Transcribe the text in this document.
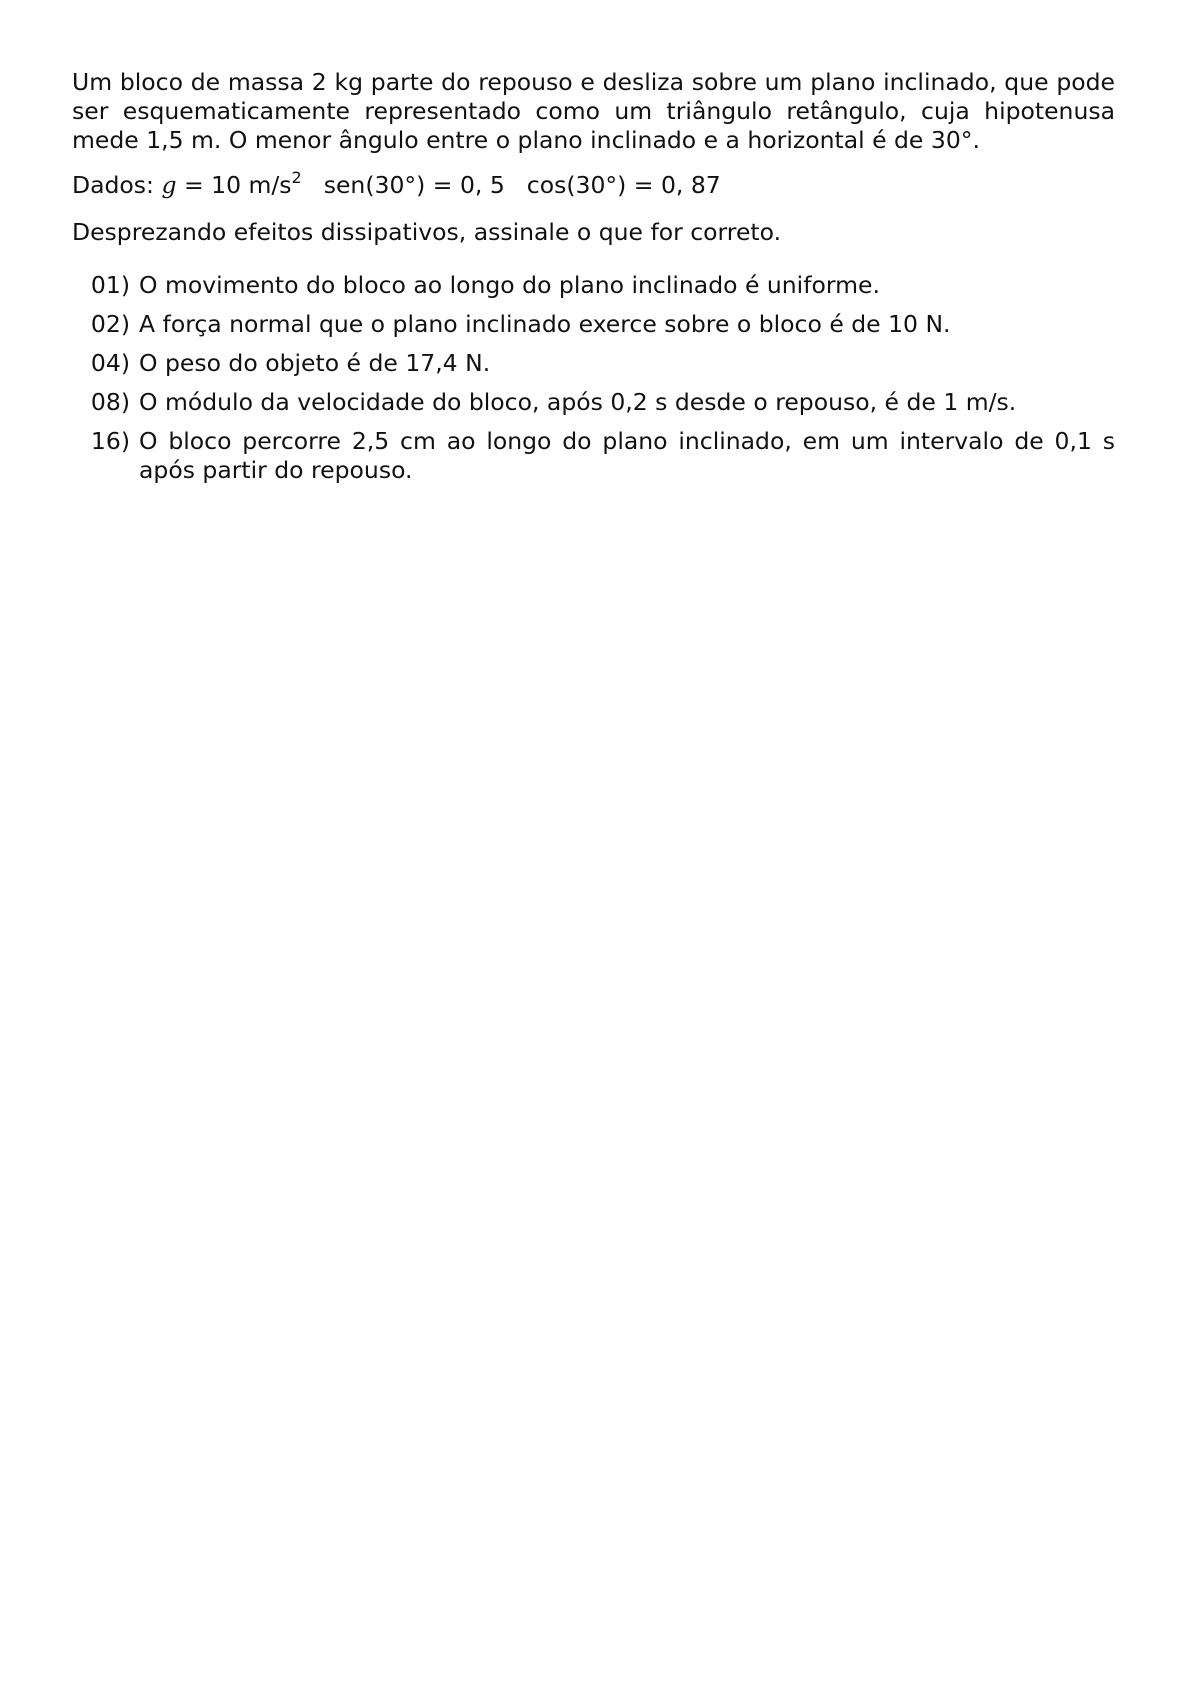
Um bloco de massa 2 kg parte do repouso e desliza sobre um plano inclinado, que pode ser esquematicamente representado como um triângulo retângulo, cuja hipotenusa mede 1,5 m. O menor ângulo entre o plano inclinado e a horizontal é de 30°.

Dados: g = 10 $m/s^2$ sen(30°) = 0, 5 cos(30°) = 0, 87

Desprezando efeitos dissipativos, assinale o que for correto.

01) O movimento do bloco ao longo do plano inclinado é uniforme.
02) A força normal que o plano inclinado exerce sobre o bloco é de 10 N.
04) O peso do objeto é de 17,4 N.
08) O módulo da velocidade do bloco, após 0,2 s desde o repouso, é de 1 m/s.
16) O bloco percorre 2,5 cm ao longo do plano inclinado, em um intervalo de 0,1 s após partir do repouso.
